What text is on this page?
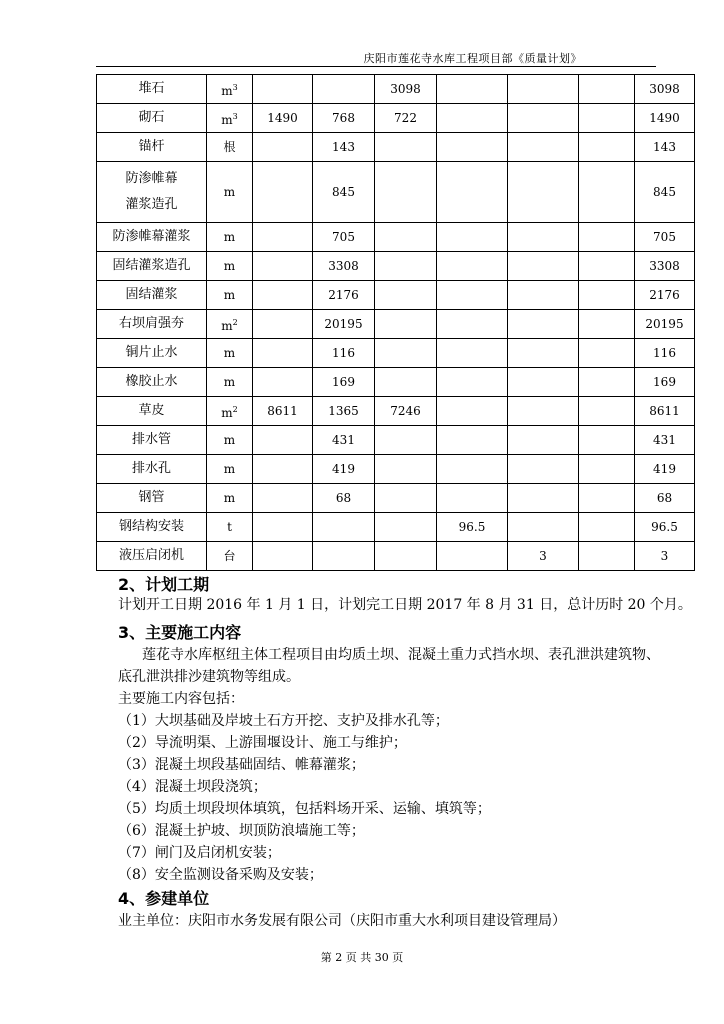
庆阳市莲花寺水库工程项目部《质量计划》
堆石	$m^3$			3098				3098
砌石	$m^3$	1490	768	722				1490
锚杆	根		143					143
防渗帷幕
灌浆造孔	m		845					845
防渗帷幕灌浆	m		705					705
固结灌浆造孔	m		3308					3308
固结灌浆	m		2176					2176
右坝肩强夯	$m^2$		20195					20195
铜片止水	m		116					116
橡胶止水	m		169					169
草皮	$m^2$	8611	1365	7246				8611
排水管	m		431					431
排水孔	m		419					419
钢管	m		68					68
钢结构安装	t				96.5			96.5
液压启闭机	台					3		3
2、计划工期
计划开工日期 2016 年 1 月 1 日，计划完工日期 2017 年 8 月 31 日，总计历时 20 个月。
3、主要施工内容
莲花寺水库枢纽主体工程项目由均质土坝、混凝土重力式挡水坝、表孔泄洪建筑物、
底孔泄洪排沙建筑物等组成。
主要施工内容包括：
（1）大坝基础及岸坡土石方开挖、支护及排水孔等；
（2）导流明渠、上游围堰设计、施工与维护；
（3）混凝土坝段基础固结、帷幕灌浆；
（4）混凝土坝段浇筑；
（5）均质土坝段坝体填筑，包括料场开采、运输、填筑等；
（6）混凝土护坡、坝顶防浪墙施工等；
（7）闸门及启闭机安装；
（8）安全监测设备采购及安装；
4、参建单位
业主单位：庆阳市水务发展有限公司（庆阳市重大水利项目建设管理局）
第 2 页 共 30 页
